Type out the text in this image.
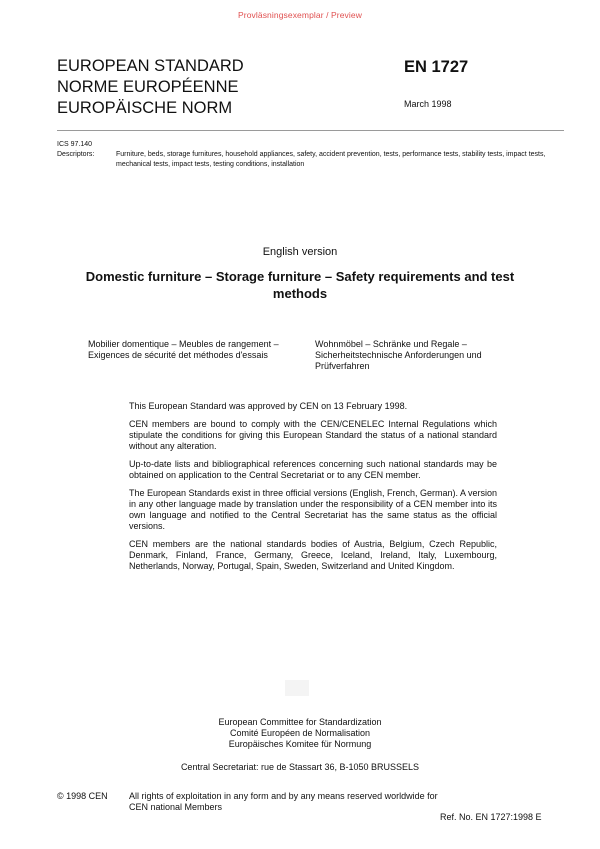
Provläsningsexemplar / Preview
EUROPEAN STANDARD
NORME EUROPÉENNE
EUROPÄISCHE NORM
EN 1727
March 1998
ICS 97.140
Descriptors:	Furniture, beds, storage furnitures, household appliances, safety, accident prevention, tests, performance tests, stability tests, impact tests, mechanical tests, impact tests, testing conditions, installation
English version
Domestic furniture – Storage furniture – Safety requirements and test methods
Mobilier domentique – Meubles de rangement – Exigences de sécurité det méthodes d'essais
Wohnmöbel – Schränke und Regale – Sicherheitstechnische Anforderungen und Prüfverfahren

This European Standard was approved by CEN on 13 February 1998.

CEN members are bound to comply with the CEN/CENELEC Internal Regulations which stipulate the conditions for giving this European Standard the status of a national standard without any alteration.

Up-to-date lists and bibliographical references concerning such national standards may be obtained on application to the Central Secretariat or to any CEN member.

The European Standards exist in three official versions (English, French, German). A version in any other language made by translation under the responsibility of a CEN member into its own language and notified to the Central Secretariat has the same status as the official versions.

CEN members are the national standards bodies of Austria, Belgium, Czech Republic, Denmark, Finland, France, Germany, Greece, Iceland, Ireland, Italy, Luxembourg, Netherlands, Norway, Portugal, Spain, Sweden, Switzerland and United Kingdom.

European Committee for Standardization
Comité Européen de Normalisation
Europäisches Komitee für Normung
Central Secretariat: rue de Stassart 36, B-1050 BRUSSELS
© 1998 CEN All rights of exploitation in any form and by any means reserved worldwide for CEN national Members
Ref. No. EN 1727:1998 E
